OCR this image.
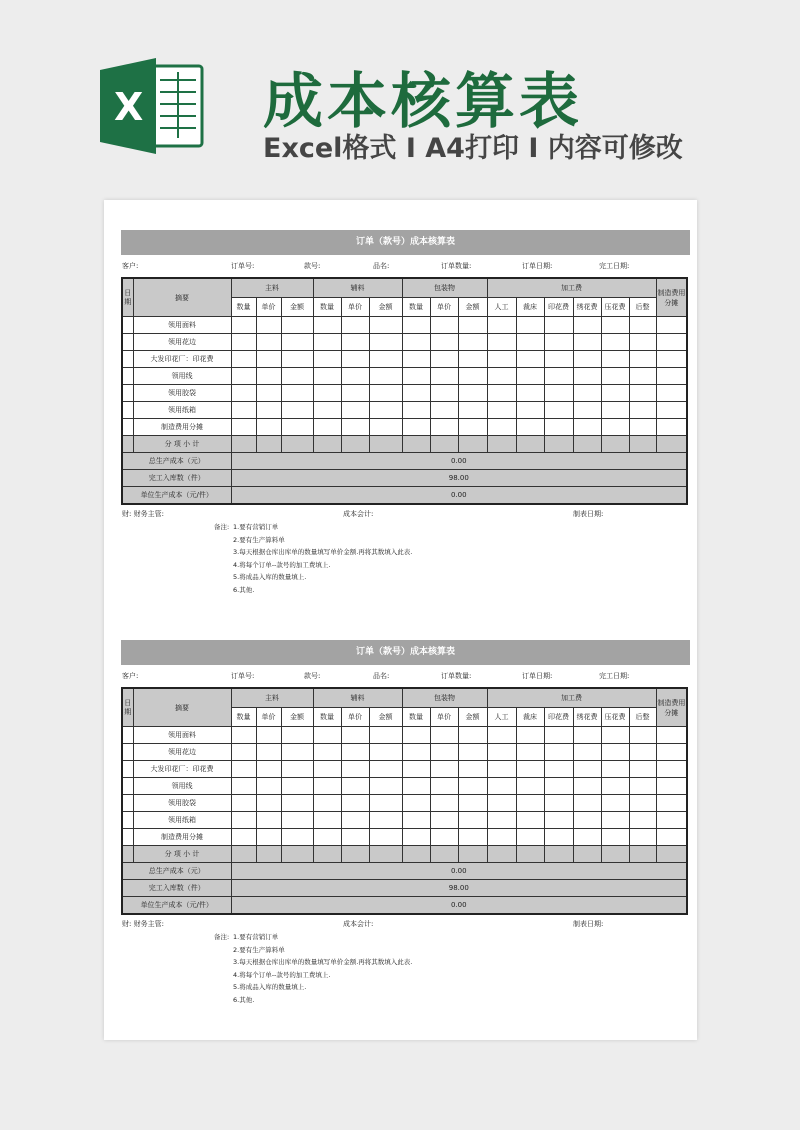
X 成本核算表
Excel格式 I A4打印 I 内容可修改
订单（款号）成本核算表
客户:	订单号:	款号:	品名:	订单数量:	订单日期:	完工日期:
日期	摘要	主料			辅料			包装物			加工费						制造费用分摊
		数量	单价	金额	数量	单价	金额	数量	单价	金额	人工	裁床	印花费	绣花费	压花费	后整	
	领用面料																
	领用花边																
	大发印花厂：印花费																
	领用线																
	领用胶袋																
	领用纸箱																
	制造费用分摊																
	分 项 小 计																
总生产成本（元）		0.00															
完工入库数（件）		98.00															
单位生产成本（元/件）		0.00															
财: 财务主管:	成本会计:	制表日期:
备注: 1.要有营销订单
2.要有生产算料单
3.每天根据仓库出库单的数量填写单价金额.再将其数填入此表.
4.将每个订单--款号的加工费填上.
5.将成品入库的数量填上.
6.其他.
订单（款号）成本核算表
客户:	订单号:	款号:	品名:	订单数量:	订单日期:	完工日期:
日期	摘要	主料			辅料			包装物			加工费						制造费用分摊
		数量	单价	金额	数量	单价	金额	数量	单价	金额	人工	裁床	印花费	绣花费	压花费	后整	
	领用面料																
	领用花边																
	大发印花厂：印花费																
	领用线																
	领用胶袋																
	领用纸箱																
	制造费用分摊																
	分 项 小 计																
总生产成本（元）		0.00															
完工入库数（件）		98.00															
单位生产成本（元/件）		0.00															
财: 财务主管:	成本会计:	制表日期:
备注: 1.要有营销订单
2.要有生产算料单
3.每天根据仓库出库单的数量填写单价金额.再将其数填入此表.
4.将每个订单--款号的加工费填上.
5.将成品入库的数量填上.
6.其他.
